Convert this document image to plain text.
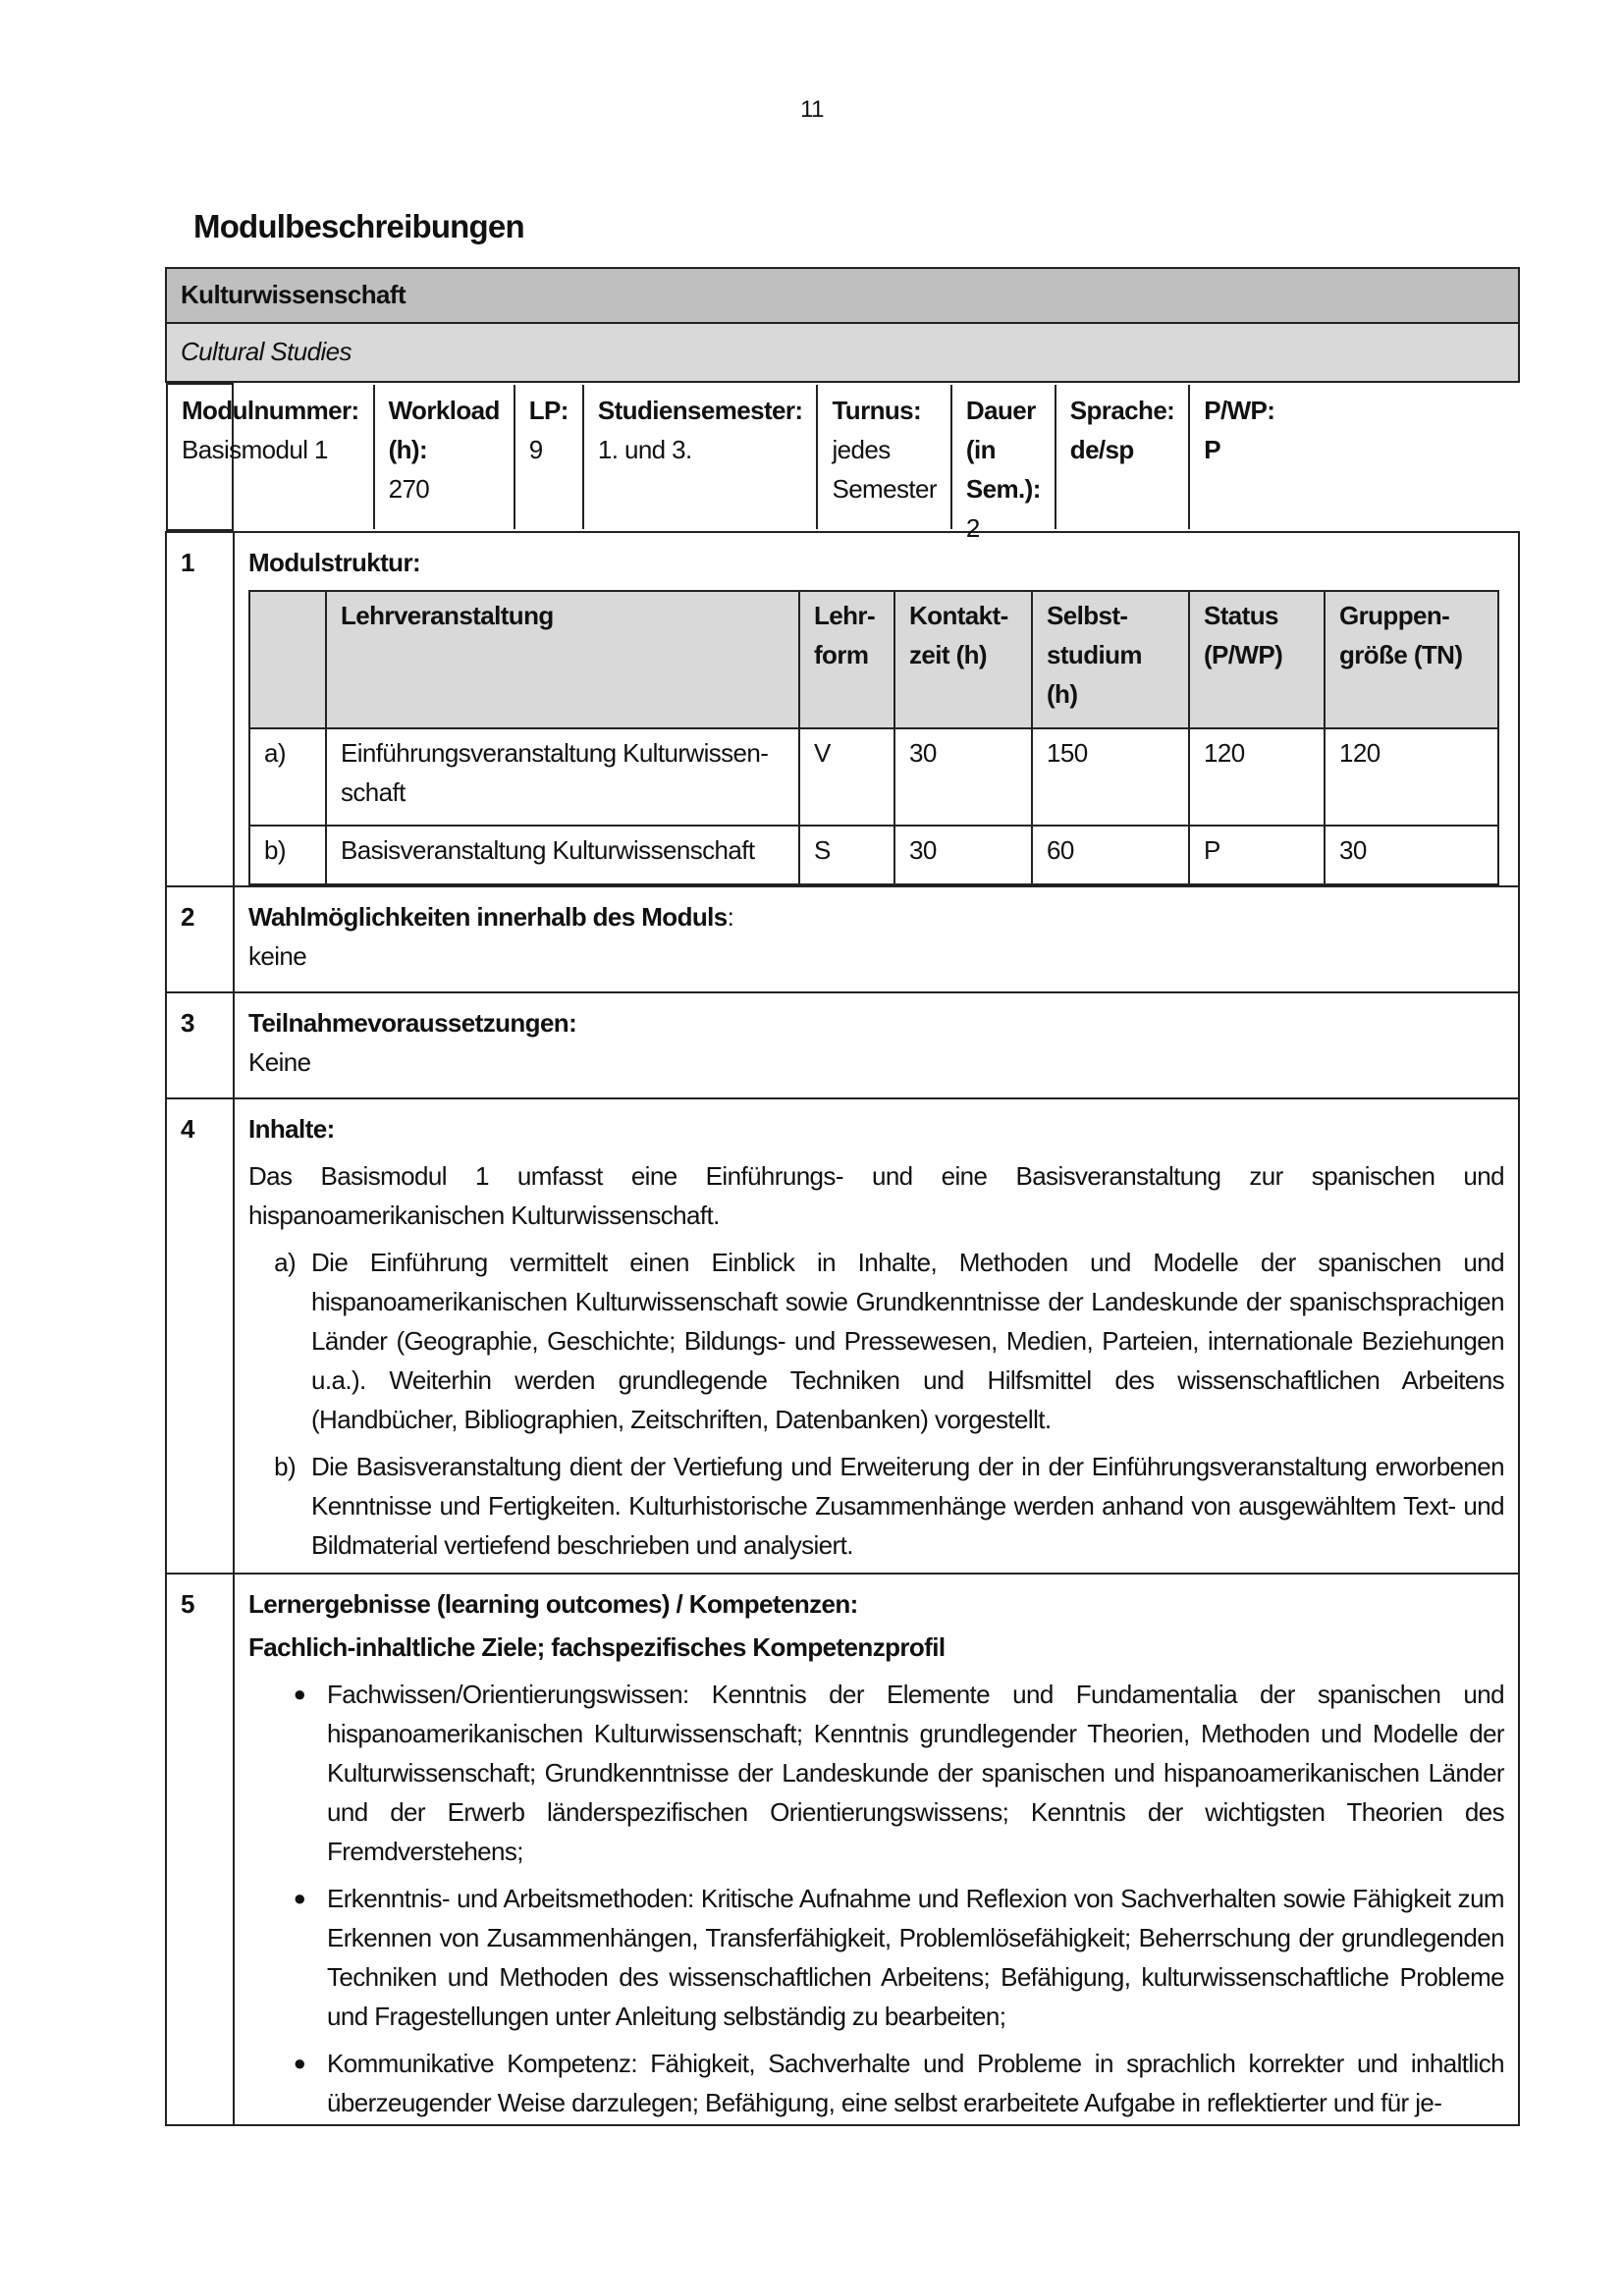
11
Modulbeschreibungen
Kulturwissenschaft
Cultural Studies

Modulnummer:
Basismodul 1
Workload (h):
270
LP:
9
Studiensemester:
1. und 3.
Turnus:
jedes Semester
Dauer (in Sem.):
2
Sprache:
de/sp
P/WP:
P

1	Modulstruktur:
	Lehrveranstaltung	Lehr-form	Kontakt-zeit (h)	Selbst-studium (h)	Status (P/WP)	Gruppen-größe (TN)
a)	Einführungsveranstaltung Kulturwissen-schaft	V	30	150	120	120
b)	Basisveranstaltung Kulturwissenschaft	S	30	60	P	30

2	Wahlmöglichkeiten innerhalb des Moduls:
keine

3	Teilnahmevoraussetzungen:
Keine

4	Inhalte:
Das Basismodul 1 umfasst eine Einführungs- und eine Basisveranstaltung zur spanischen und hispanoamerikanischen Kulturwissenschaft.
a) Die Einführung vermittelt einen Einblick in Inhalte, Methoden und Modelle der spanischen und hispanoamerikanischen Kulturwissenschaft sowie Grundkenntnisse der Landeskunde der spanischsprachigen Länder (Geographie, Geschichte; Bildungs- und Pressewesen, Medien, Parteien, internationale Beziehungen u.a.). Weiterhin werden grundlegende Techniken und Hilfsmittel des wissenschaftlichen Arbeitens (Handbücher, Bibliographien, Zeitschriften, Datenbanken) vorgestellt.
b) Die Basisveranstaltung dient der Vertiefung und Erweiterung der in der Einführungsveranstaltung erworbenen Kenntnisse und Fertigkeiten. Kulturhistorische Zusammenhänge werden anhand von ausgewähltem Text- und Bildmaterial vertiefend beschrieben und analysiert.

5	Lernergebnisse (learning outcomes) / Kompetenzen:
Fachlich-inhaltliche Ziele; fachspezifisches Kompetenzprofil
● Fachwissen/Orientierungswissen: Kenntnis der Elemente und Fundamentalia der spanischen und hispanoamerikanischen Kulturwissenschaft; Kenntnis grundlegender Theorien, Methoden und Modelle der Kulturwissenschaft; Grundkenntnisse der Landeskunde der spanischen und hispanoamerikanischen Länder und der Erwerb länderspezifischen Orientierungswissens; Kenntnis der wichtigsten Theorien des Fremdverstehens;
● Erkenntnis- und Arbeitsmethoden: Kritische Aufnahme und Reflexion von Sachverhalten sowie Fähigkeit zum Erkennen von Zusammenhängen, Transferfähigkeit, Problemlösefähigkeit; Beherrschung der grundlegenden Techniken und Methoden des wissenschaftlichen Arbeitens; Befähigung, kulturwissenschaftliche Probleme und Fragestellungen unter Anleitung selbständig zu bearbeiten;
● Kommunikative Kompetenz: Fähigkeit, Sachverhalte und Probleme in sprachlich korrekter und inhaltlich überzeugender Weise darzulegen; Befähigung, eine selbst erarbeitete Aufgabe in reflektierter und für je-
